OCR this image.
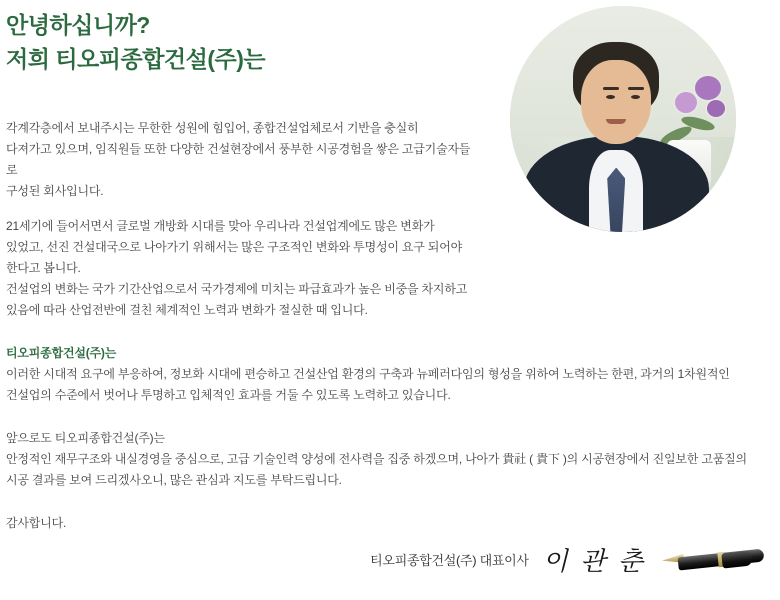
안녕하십니까?
저희 티오피종합건설(주)는

각계각층에서 보내주시는 무한한 성원에 힘입어, 종합건설업체로서 기반을 충실히

다져가고 있으며, 임직원들 또한 다양한 건설현장에서 풍부한 시공경험을 쌓은 고급기술자들로

구성된 회사입니다.

21세기에 들어서면서 글로벌 개방화 시대를 맞아 우리나라 건설업계에도 많은 변화가

있었고, 선진 건설대국으로 나아가기 위해서는 많은 구조적인 변화와 투명성이 요구 되어야

한다고 봅니다.

건설업의 변화는 국가 기간산업으로서 국가경제에 미치는 파급효과가 높은 비중을 차지하고

있음에 따라 산업전반에 걸친 체계적인 노력과 변화가 절실한 때 입니다.

티오피종합건설(주)는

이러한 시대적 요구에 부응하여, 정보화 시대에 편승하고 건설산업 환경의 구축과 뉴페러다임의 형성을 위하여 노력하는 한편, 과거의 1차원적인

건설업의 수준에서 벗어나 투명하고 입체적인 효과를 거둘 수 있도록 노력하고 있습니다.

앞으로도 티오피종합건설(주)는

안정적인 재무구조와 내실경영을 중심으로, 고급 기술인력 양성에 전사력을 집중 하겠으며, 나아가 貴社 ( 貴下 )의 시공현장에서 진일보한 고품질의

시공 결과를 보여 드리겠사오니, 많은 관심과 지도를 부탁드립니다.

감사합니다.

티오피종합건설(주) 대표이사 이 관 춘
